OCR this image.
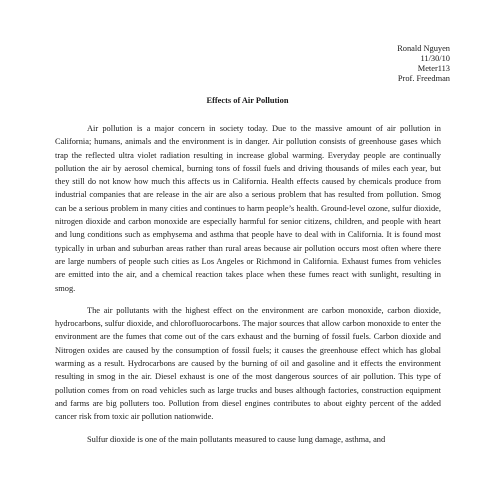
Ronald Nguyen
11/30/10
Meter113
Prof. Freedman
Effects of Air Pollution

Air pollution is a major concern in society today. Due to the massive amount of air pollution in California; humans, animals and the environment is in danger. Air pollution consists of greenhouse gases which trap the reflected ultra violet radiation resulting in increase global warming. Everyday people are continually pollution the air by aerosol chemical, burning tons of fossil fuels and driving thousands of miles each year, but they still do not know how much this affects us in California. Health effects caused by chemicals produce from industrial companies that are release in the air are also a serious problem that has resulted from pollution. Smog can be a serious problem in many cities and continues to harm people’s health. Ground-level ozone, sulfur dioxide, nitrogen dioxide and carbon monoxide are especially harmful for senior citizens, children, and people with heart and lung conditions such as emphysema and asthma that people have to deal with in California. It is found most typically in urban and suburban areas rather than rural areas because air pollution occurs most often where there are large numbers of people such cities as Los Angeles or Richmond in California. Exhaust fumes from vehicles are emitted into the air, and a chemical reaction takes place when these fumes react with sunlight, resulting in smog.

The air pollutants with the highest effect on the environment are carbon monoxide, carbon dioxide, hydrocarbons, sulfur dioxide, and chlorofluorocarbons. The major sources that allow carbon monoxide to enter the environment are the fumes that come out of the cars exhaust and the burning of fossil fuels. Carbon dioxide and Nitrogen oxides are caused by the consumption of fossil fuels; it causes the greenhouse effect which has global warming as a result. Hydrocarbons are caused by the burning of oil and gasoline and it effects the environment resulting in smog in the air. Diesel exhaust is one of the most dangerous sources of air pollution. This type of pollution comes from on road vehicles such as large trucks and buses although factories, construction equipment and farms are big polluters too. Pollution from diesel engines contributes to about eighty percent of the added cancer risk from toxic air pollution nationwide.

Sulfur dioxide is one of the main pollutants measured to cause lung damage, asthma, and
